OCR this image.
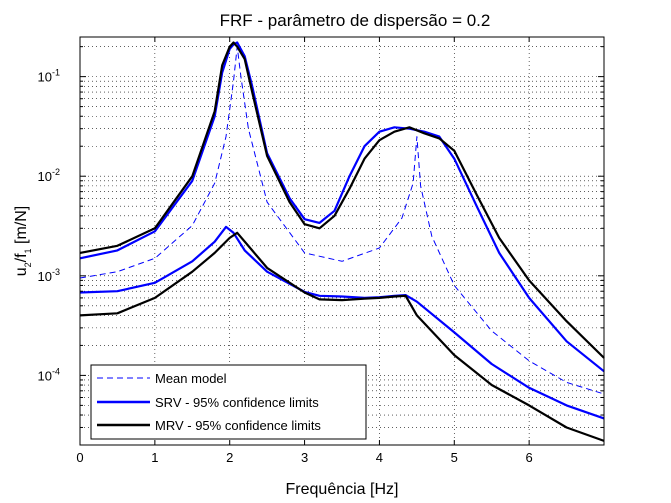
FRF - parâmetro de dispersão = 0.2
0	1	2	3	4	5	6
$10^{-4}$
$10^{-3}$
$10^{-2}$
$10^{-1}$
Frequência [Hz]
$u_2/f_1$ [m/N]
Mean model
SRV - 95% confidence limits
MRV - 95% confidence limits
